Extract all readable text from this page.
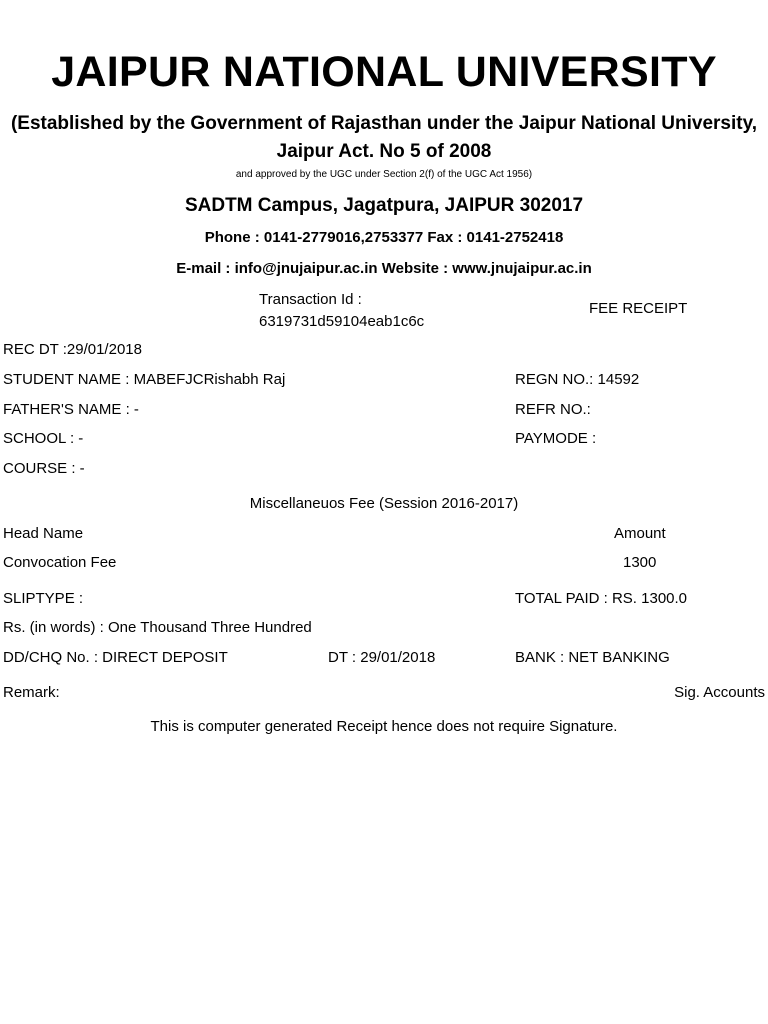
JAIPUR NATIONAL UNIVERSITY
(Established by the Government of Rajasthan under the Jaipur National University, Jaipur Act. No 5 of 2008
and approved by the UGC under Section 2(f) of the UGC Act 1956)
SADTM Campus, Jagatpura, JAIPUR 302017
Phone : 0141-2779016,2753377 Fax : 0141-2752418
E-mail : info@jnujaipur.ac.in Website : www.jnujaipur.ac.in
Transaction Id :
6319731d59104eab1c6c
FEE RECEIPT
REC DT :29/01/2018
STUDENT NAME : MABEFJCRishabh Raj	REGN NO.: 14592
FATHER'S NAME : -	REFR NO.:
SCHOOL : -	PAYMODE :
COURSE : -
Miscellaneuos Fee (Session 2016-2017)
Head Name	Amount
Convocation Fee	1300
SLIPTYPE :	TOTAL PAID : RS. 1300.0
Rs. (in words) : One Thousand Three Hundred
DD/CHQ No. : DIRECT DEPOSIT	DT : 29/01/2018	BANK : NET BANKING
Remark:	Sig. Accounts
This is computer generated Receipt hence does not require Signature.
